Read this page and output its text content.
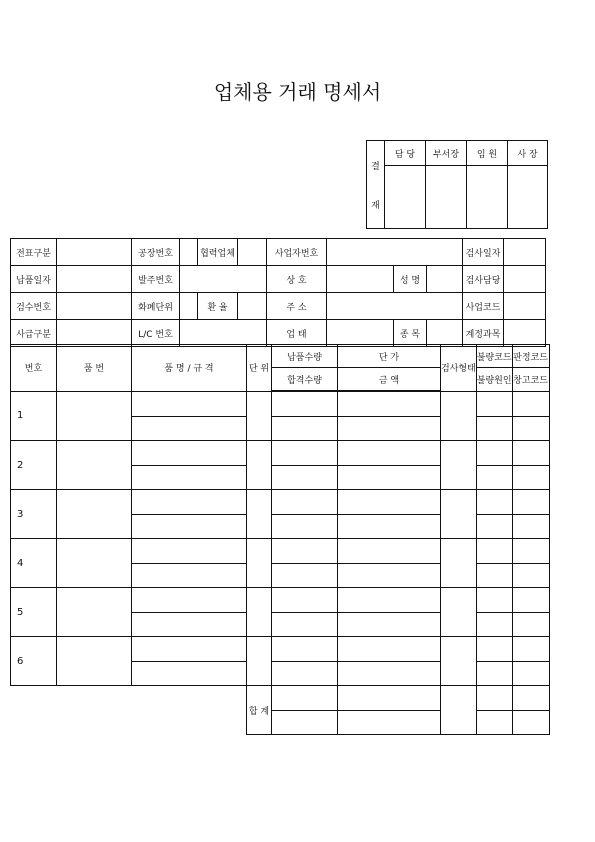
업체용 거래 명세서
결
재	담 당	부서장	임 원	사 장

전표구분		공장번호		협력업체		사업자번호				검사일자	
납품일자		발주번호				상 호		성 명		검사담당	
검수번호		화폐단위		환 율		주 소				사업코드	
사급구분		L/C 번호				업 태		종 목		계정과목	
번호	품 번	품 명 / 규 격	단 위	납품수량	단 가	검사형태	불량코드	판정코드
				합격수량	금 액		불량원인	창고코드
1								

2								

3								

4								

5								

6								

			합 계					
